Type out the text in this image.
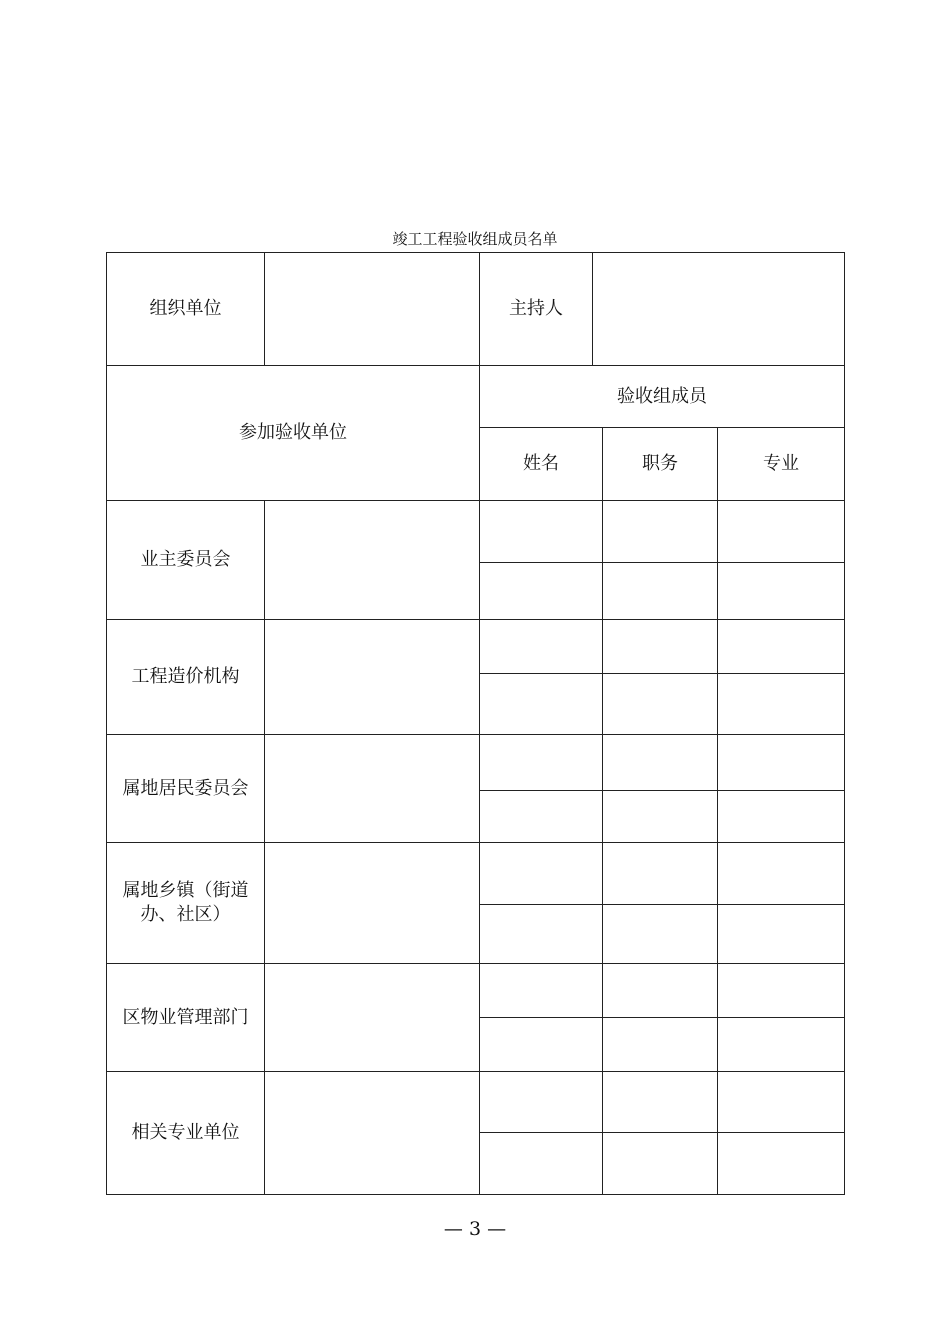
竣工工程验收组成员名单
组织单位		主持人			
参加验收单位		验收组成员			
		姓名		职务	专业
业主委员会					

工程造价机构					

属地居民委员会					

属地乡镇（街道办、社区）					

区物业管理部门					

相关专业单位					

— 3 —
